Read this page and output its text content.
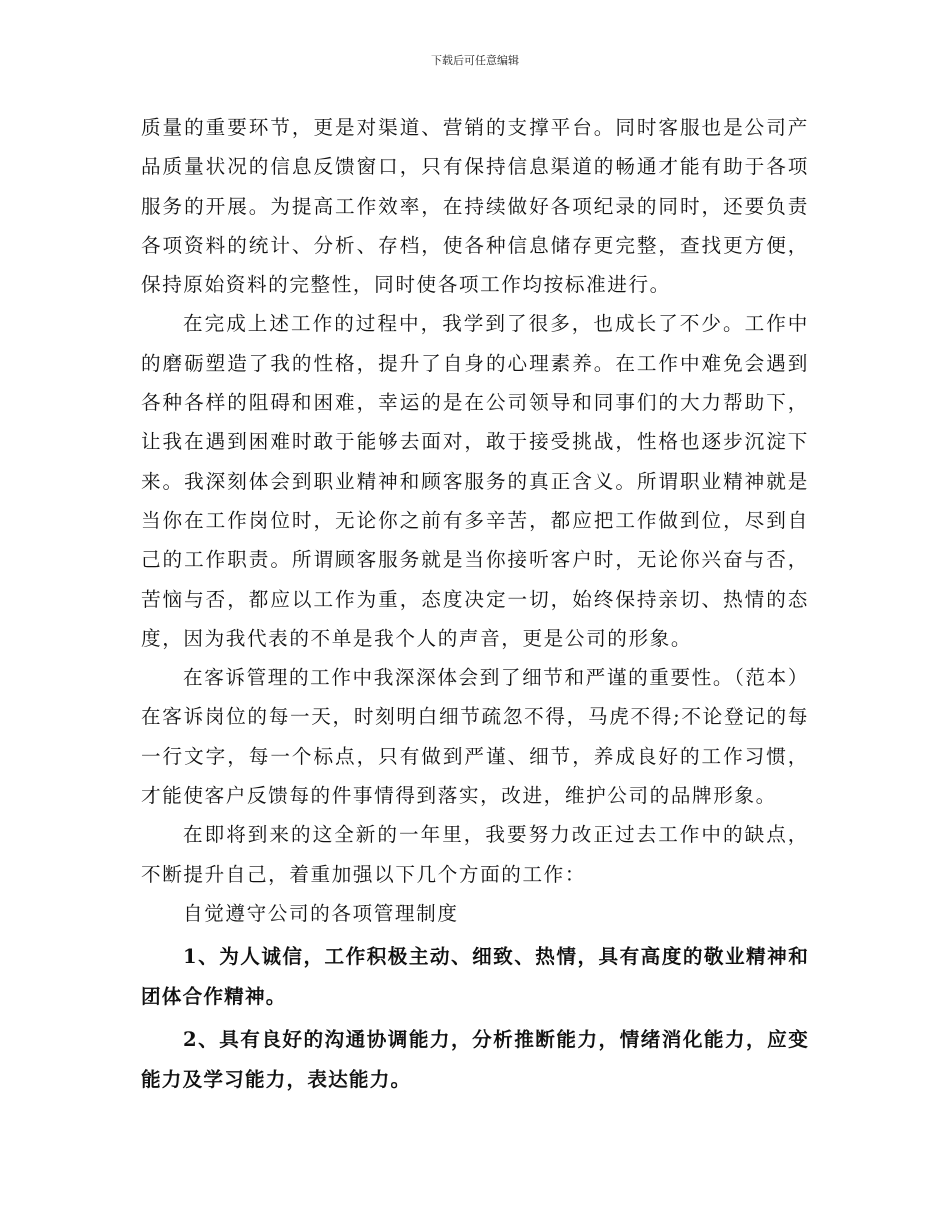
下载后可任意编辑

质量的重要环节，更是对渠道、营销的支撑平台。同时客服也是公司产品质量状况的信息反馈窗口，只有保持信息渠道的畅通才能有助于各项服务的开展。为提高工作效率，在持续做好各项纪录的同时，还要负责各项资料的统计、分析、存档，使各种信息储存更完整，查找更方便，保持原始资料的完整性，同时使各项工作均按标准进行。

在完成上述工作的过程中，我学到了很多，也成长了不少。工作中的磨砺塑造了我的性格，提升了自身的心理素养。在工作中难免会遇到各种各样的阻碍和困难，幸运的是在公司领导和同事们的大力帮助下，让我在遇到困难时敢于能够去面对，敢于接受挑战，性格也逐步沉淀下来。我深刻体会到职业精神和顾客服务的真正含义。所谓职业精神就是当你在工作岗位时，无论你之前有多辛苦，都应把工作做到位，尽到自己的工作职责。所谓顾客服务就是当你接听客户时，无论你兴奋与否，苦恼与否，都应以工作为重，态度决定一切，始终保持亲切、热情的态度，因为我代表的不单是我个人的声音，更是公司的形象。

在客诉管理的工作中我深深体会到了细节和严谨的重要性。（范本）在客诉岗位的每一天，时刻明白细节疏忽不得，马虎不得;不论登记的每一行文字，每一个标点，只有做到严谨、细节，养成良好的工作习惯，才能使客户反馈每的件事情得到落实，改进，维护公司的品牌形象。

在即将到来的这全新的一年里，我要努力改正过去工作中的缺点，不断提升自己，着重加强以下几个方面的工作：

自觉遵守公司的各项管理制度

1、为人诚信，工作积极主动、细致、热情，具有高度的敬业精神和团体合作精神。

2、具有良好的沟通协调能力，分析推断能力，情绪消化能力，应变能力及学习能力，表达能力。
